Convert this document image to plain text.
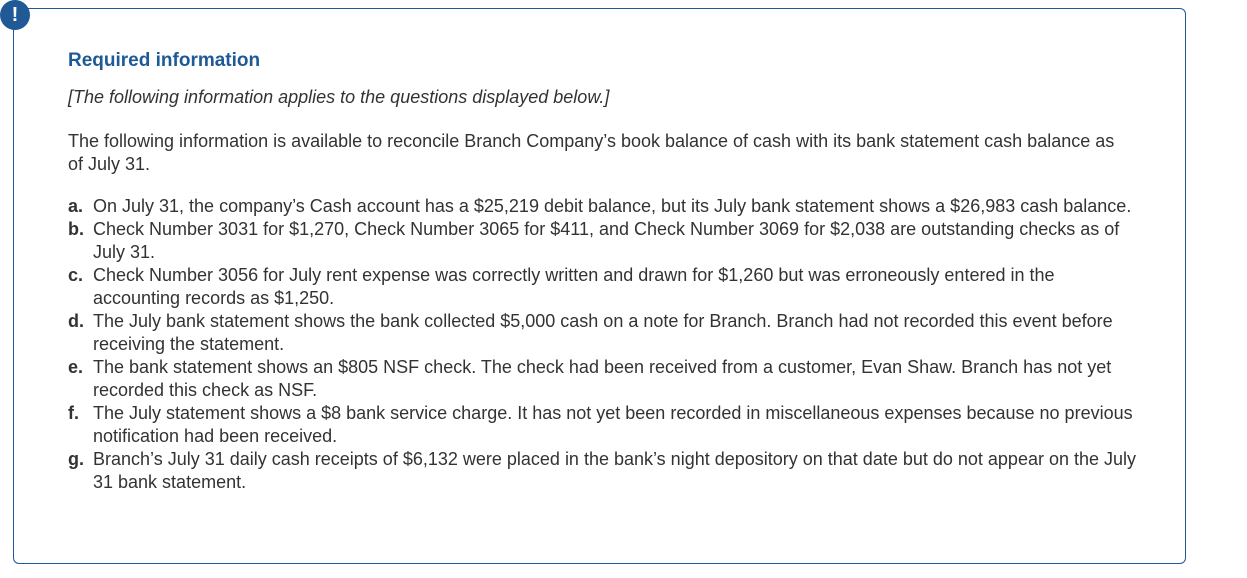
!
Required information
[The following information applies to the questions displayed below.]
The following information is available to reconcile Branch Company’s book balance of cash with its bank statement cash balance as of July 31.
a. On July 31, the company’s Cash account has a $25,219 debit balance, but its July bank statement shows a $26,983 cash balance.
b. Check Number 3031 for $1,270, Check Number 3065 for $411, and Check Number 3069 for $2,038 are outstanding checks as of July 31.
c. Check Number 3056 for July rent expense was correctly written and drawn for $1,260 but was erroneously entered in the accounting records as $1,250.
d. The July bank statement shows the bank collected $5,000 cash on a note for Branch. Branch had not recorded this event before receiving the statement.
e. The bank statement shows an $805 NSF check. The check had been received from a customer, Evan Shaw. Branch has not yet recorded this check as NSF.
f. The July statement shows a $8 bank service charge. It has not yet been recorded in miscellaneous expenses because no previous notification had been received.
g. Branch’s July 31 daily cash receipts of $6,132 were placed in the bank’s night depository on that date but do not appear on the July 31 bank statement.
